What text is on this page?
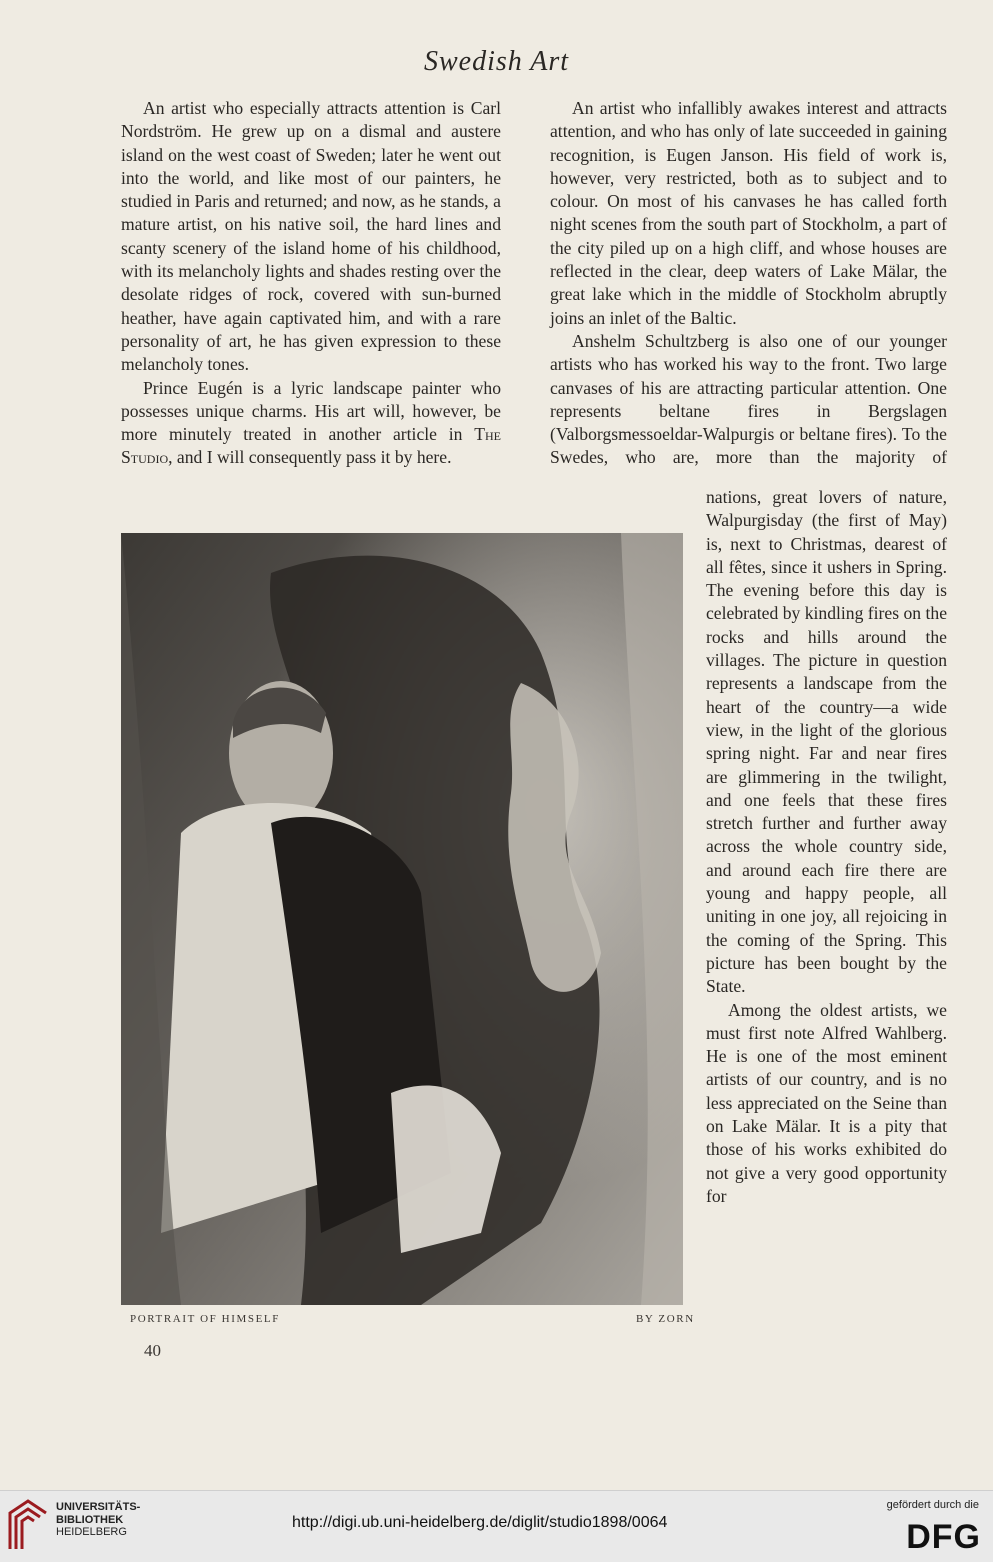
Swedish Art

An artist who especially attracts attention is Carl Nordström. He grew up on a dismal and austere island on the west coast of Sweden; later he went out into the world, and like most of our painters, he studied in Paris and returned; and now, as he stands, a mature artist, on his native soil, the hard lines and scanty scenery of the island home of his childhood, with its melancholy lights and shades resting over the desolate ridges of rock, covered with sun-burned heather, have again captivated him, and with a rare personality of art, he has given expression to these melancholy tones.

Prince Eugén is a lyric landscape painter who possesses unique charms. His art will, however, be more minutely treated in another article in The Studio, and I will consequently pass it by here.

An artist who infallibly awakes interest and attracts attention, and who has only of late succeeded in gaining recognition, is Eugen Janson. His field of work is, however, very restricted, both as to subject and to colour. On most of his canvases he has called forth night scenes from the south part of Stockholm, a part of the city piled up on a high cliff, and whose houses are reflected in the clear, deep waters of Lake Mälar, the great lake which in the middle of Stockholm abruptly joins an inlet of the Baltic.

Anshelm Schultzberg is also one of our younger artists who has worked his way to the front. Two large canvases of his are attracting particular attention. One represents beltane fires in Bergslagen (Valborgsmessoeldar-Walpurgis or beltane fires). To the Swedes, who are, more than the majority of

nations, great lovers of nature, Walpurgisday (the first of May) is, next to Christmas, dearest of all fêtes, since it ushers in Spring. The evening before this day is celebrated by kindling fires on the rocks and hills around the villages. The picture in question represents a landscape from the heart of the country—a wide view, in the light of the glorious spring night. Far and near fires are glimmering in the twilight, and one feels that these fires stretch further and further away across the whole country side, and around each fire there are young and happy people, all uniting in one joy, all rejoicing in the coming of the Spring. This picture has been bought by the State.

Among the oldest artists, we must first note Alfred Wahlberg. He is one of the most eminent artists of our country, and is no less appreciated on the Seine than on Lake Mälar. It is a pity that those of his works exhibited do not give a very good opportunity for

PORTRAIT OF HIMSELF	BY ZORN
40
UNIVERSITÄTS-
BIBLIOTHEK
HEIDELBERG
http://digi.ub.uni-heidelberg.de/diglit/studio1898/0064
gefördert durch die
DFG
